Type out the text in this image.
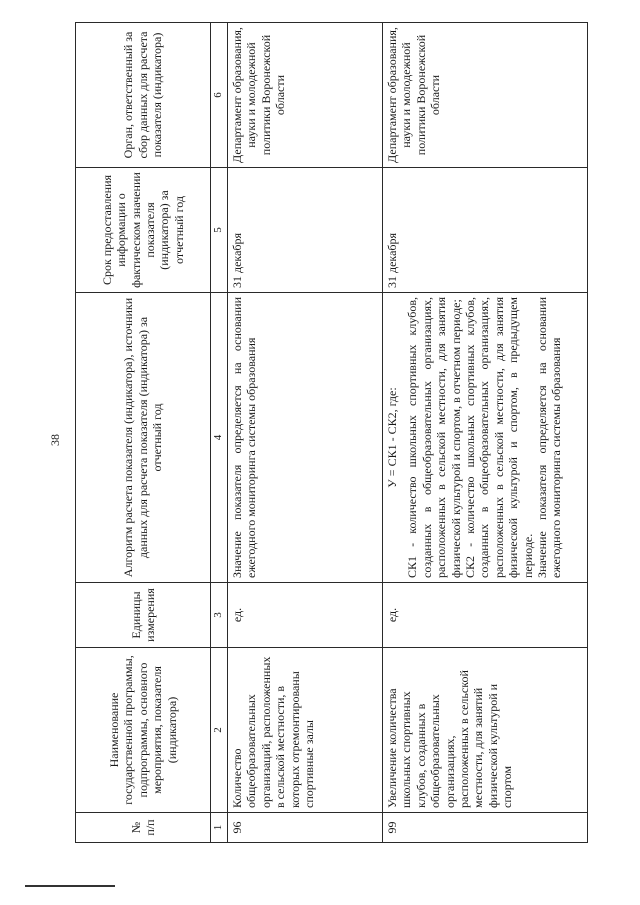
38
№ п/п	Наименование государственной программы, подпрограммы, основного мероприятия, показателя (индикатора)	Единицы измерения	Алгоритм расчета показателя (индикатора), источники данных для расчета показателя (индикатора) за отчетный год	Срок предоставления информации о фактическом значении показателя (индикатора) за отчетный год	Орган, ответственный за сбор данных для расчета показателя (индикатора)
1	2	3	4	5	6
96	Количество общеобразовательных организаций, расположенных в сельской местности, в которых отремонтированы спортивные залы	ед.	Значение показателя определяется на основании ежегодного мониторинга системы образования	31 декабря	Департамент образования, науки и молодежной политики Воронежской области
99	Увеличение количества школьных спортивных клубов, созданных в общеобразовательных организациях, расположенных в сельской местности, для занятий физической культурой и спортом	ед.	У = СК1 - СК2, где: СК1 - количество школьных спортивных клубов, созданных в общеобразовательных организациях, расположенных в сельской местности, для занятия физической культурой и спортом, в отчетном периоде; СК2 - количество школьных спортивных клубов, созданных в общеобразовательных организациях, расположенных в сельской местности, для занятия физической культурой и спортом, в предыдущем периоде. Значение показателя определяется на основании ежегодного мониторинга системы образования	31 декабря	Департамент образования, науки и молодежной политики Воронежской области
